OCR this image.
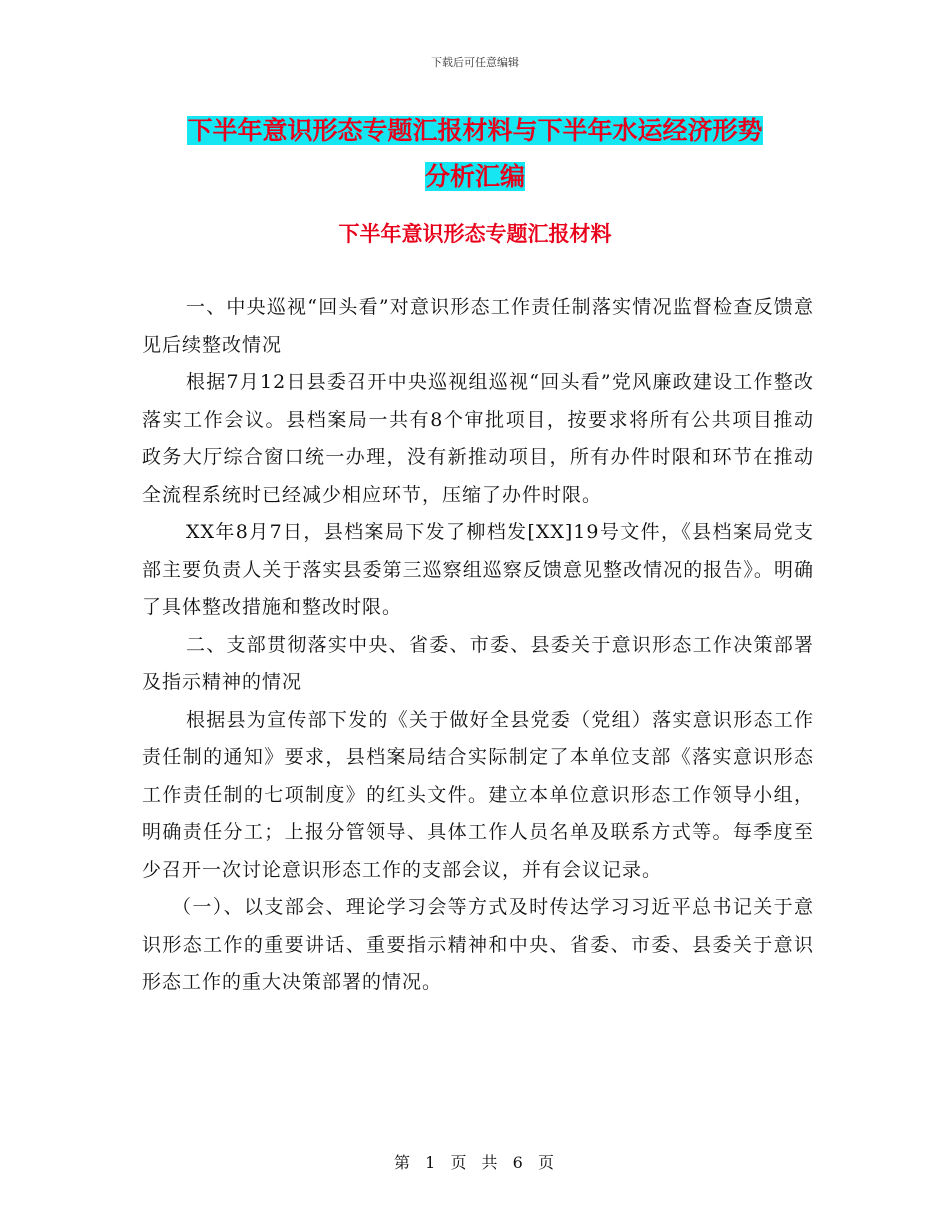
下载后可任意编辑
下半年意识形态专题汇报材料与下半年水运经济形势
分析汇编
下半年意识形态专题汇报材料

一、中央巡视“回头看”对意识形态工作责任制落实情况监督检查反馈意见后续整改情况

根据7月12日县委召开中央巡视组巡视“回头看”党风廉政建设工作整改落实工作会议。县档案局一共有8个审批项目，按要求将所有公共项目推动政务大厅综合窗口统一办理，没有新推动项目，所有办件时限和环节在推动全流程系统时已经减少相应环节，压缩了办件时限。

XX年8月7日，县档案局下发了柳档发[XX]19号文件，《县档案局党支部主要负责人关于落实县委第三巡察组巡察反馈意见整改情况的报告》。明确了具体整改措施和整改时限。

二、支部贯彻落实中央、省委、市委、县委关于意识形态工作决策部署及指示精神的情况

根据县为宣传部下发的《关于做好全县党委（党组）落实意识形态工作责任制的通知》要求，县档案局结合实际制定了本单位支部《落实意识形态工作责任制的七项制度》的红头文件。建立本单位意识形态工作领导小组，明确责任分工；上报分管领导、具体工作人员名单及联系方式等。每季度至少召开一次讨论意识形态工作的支部会议，并有会议记录。

（一）、以支部会、理论学习会等方式及时传达学习习近平总书记关于意识形态工作的重要讲话、重要指示精神和中央、省委、市委、县委关于意识形态工作的重大决策部署的情况。

第 1 页 共 6 页
